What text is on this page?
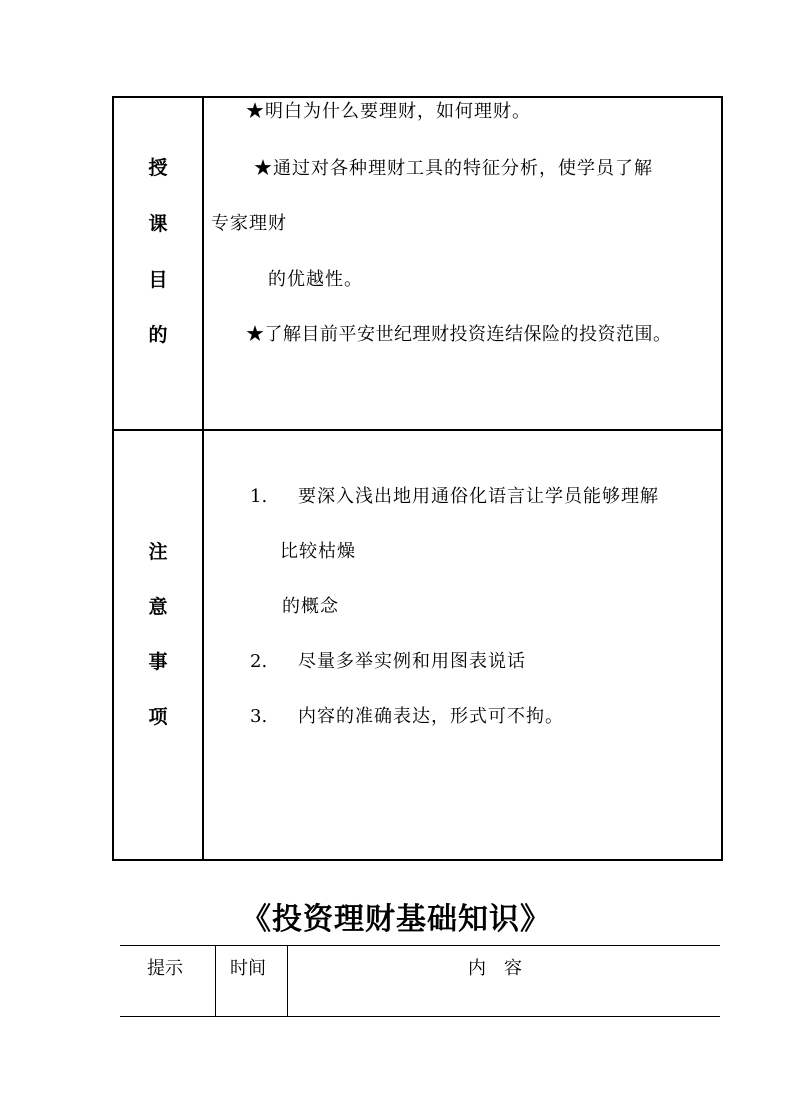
授
课
目
的
★明白为什么要理财，如何理财。
★通过对各种理财工具的特征分析，使学员了解
专家理财
的优越性。
★了解目前平安世纪理财投资连结保险的投资范围。
注
意
事
项
1. 要深入浅出地用通俗化语言让学员能够理解
比较枯燥
的概念
2. 尽量多举实例和用图表说话
3. 内容的准确表达，形式可不拘。
《投资理财基础知识》
提示	时间	内　容
